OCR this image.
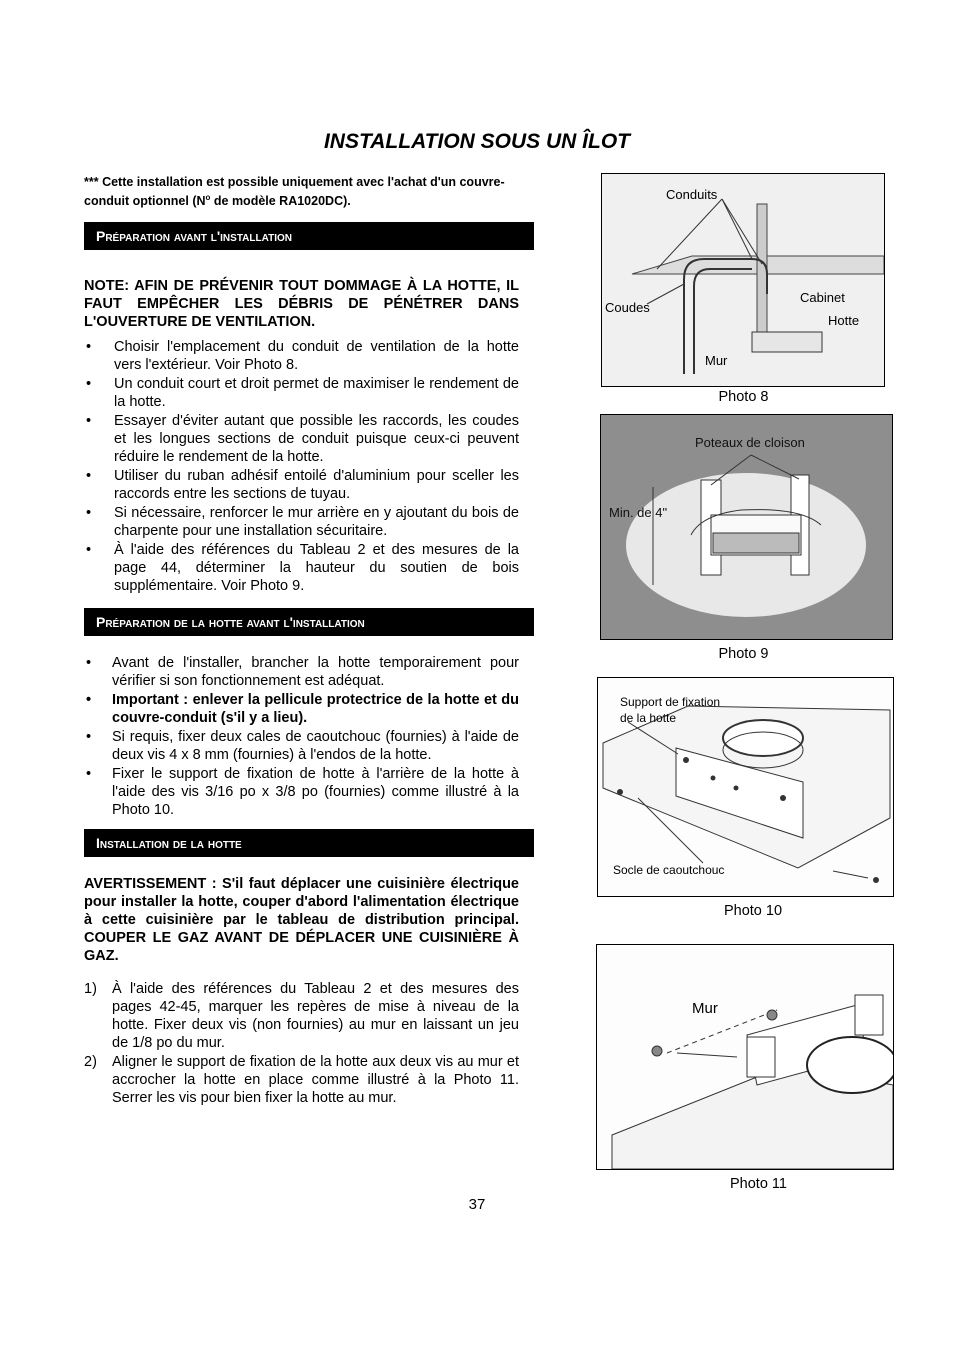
INSTALLATION SOUS UN ÎLOT
*** Cette installation est possible uniquement avec l'achat d'un couvre-
conduit optionnel ($N^o$ de modèle RA1020DC).
Préparation avant l'installation
NOTE: AFIN DE PRÉVENIR TOUT DOMMAGE À LA HOTTE, IL FAUT EMPÊCHER LES DÉBRIS DE PÉNÉTRER DANS L'OUVERTURE DE VENTILATION.
• Choisir l'emplacement du conduit de ventilation de la hotte vers l'extérieur. Voir Photo 8.
• Un conduit court et droit permet de maximiser le rendement de la hotte.
• Essayer d'éviter autant que possible les raccords, les coudes et les longues sections de conduit puisque ceux-ci peuvent réduire le rendement de la hotte.
• Utiliser du ruban adhésif entoilé d'aluminium pour sceller les raccords entre les sections de tuyau.
• Si nécessaire, renforcer le mur arrière en y ajoutant du bois de charpente pour une installation sécuritaire.
• À l'aide des références du Tableau 2 et des mesures de la page 44, déterminer la hauteur du soutien de bois supplémentaire. Voir Photo 9.
Préparation de la hotte avant l'installation
• Avant de l'installer, brancher la hotte temporairement pour vérifier si son fonctionnement est adéquat.
• Important : enlever la pellicule protectrice de la hotte et du couvre-conduit (s'il y a lieu).
• Si requis, fixer deux cales de caoutchouc (fournies) à l'aide de deux vis 4 x 8 mm (fournies) à l'endos de la hotte.
• Fixer le support de fixation de hotte à l'arrière de la hotte à l'aide des vis 3/16 po x 3/8 po (fournies) comme illustré à la Photo 10.
Installation de la hotte
AVERTISSEMENT : S'il faut déplacer une cuisinière électrique pour installer la hotte, couper d'abord l'alimentation électrique à cette cuisinière par le tableau de distribution principal. COUPER LE GAZ AVANT DE DÉPLACER UNE CUISINIÈRE À GAZ.
1) À l'aide des références du Tableau 2 et des mesures des pages 42-45, marquer les repères de mise à niveau de la hotte. Fixer deux vis (non fournies) au mur en laissant un jeu de 1/8 po du mur.
2) Aligner le support de fixation de la hotte aux deux vis au mur et accrocher la hotte en place comme illustré à la Photo 11. Serrer les vis pour bien fixer la hotte au mur.
Conduits
Coudes
Cabinet
Hotte
Mur
Photo 8
Poteaux de cloison
Min. de 4"
Photo 9
Support de fixation
de la hotte
Socle de caoutchouc
Photo 10
Mur
Photo 11
37
